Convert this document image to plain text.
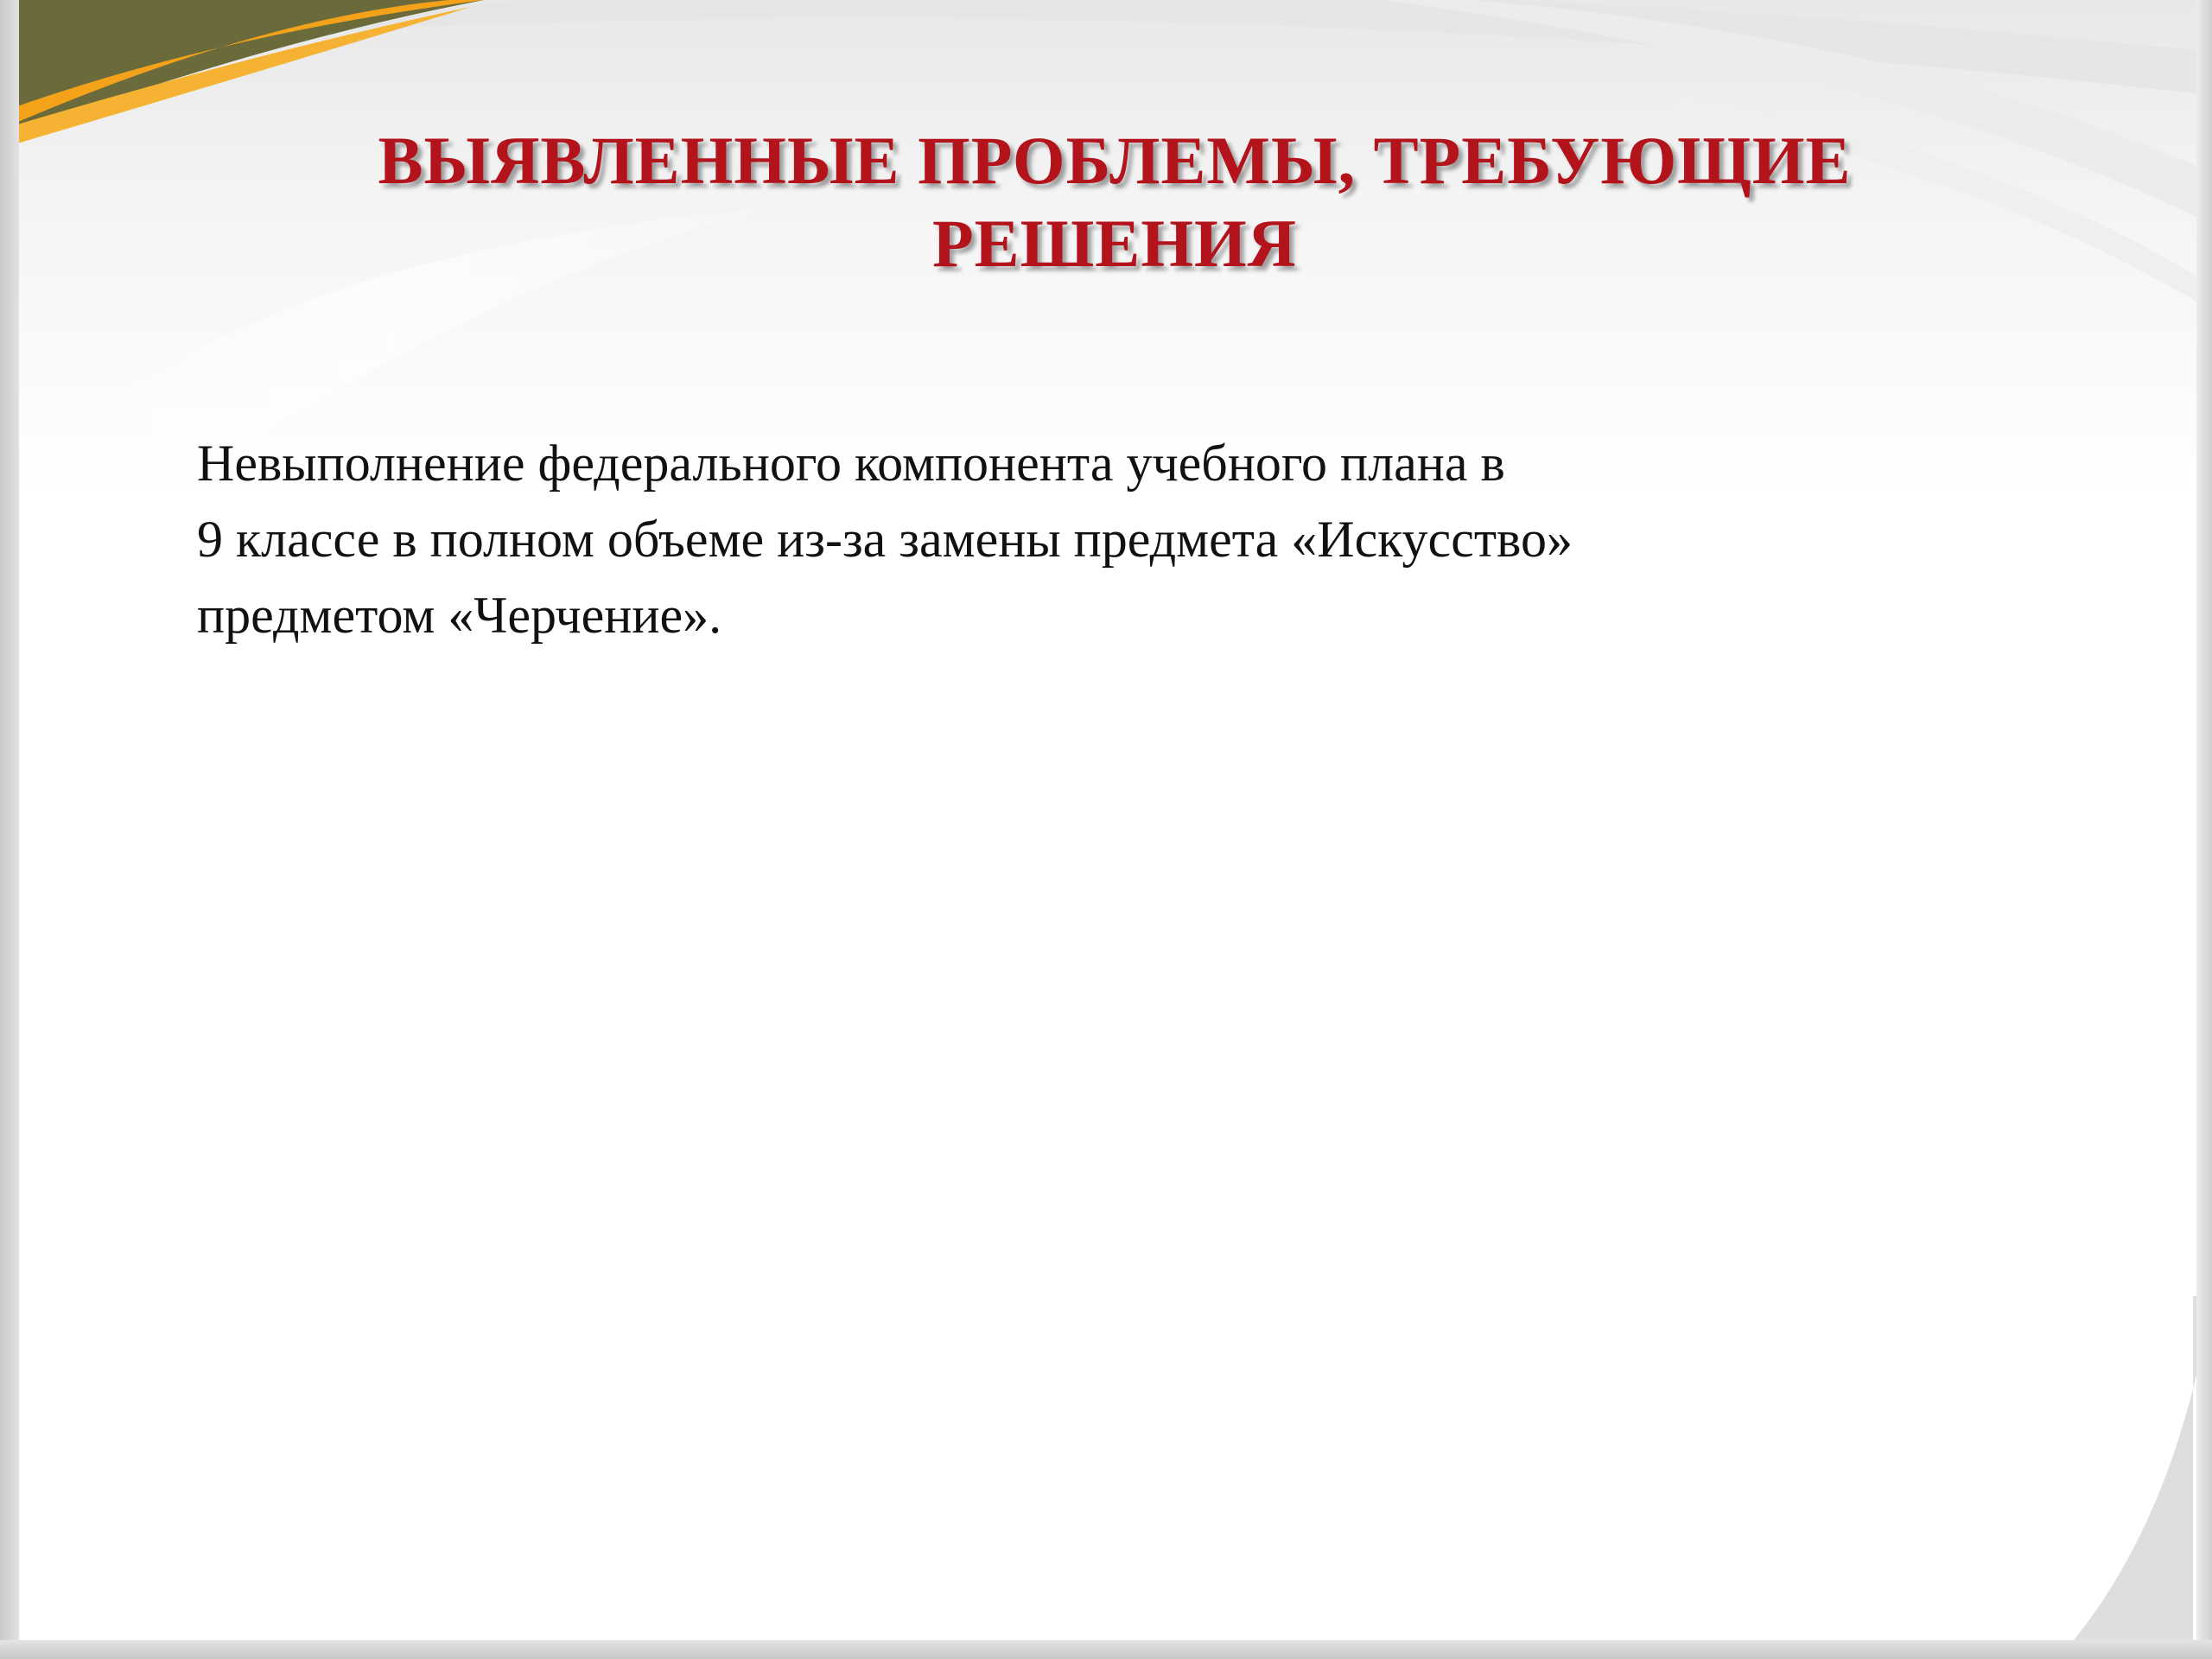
ВЫЯВЛЕННЫЕ ПРОБЛЕМЫ, ТРЕБУЮЩИЕ
РЕШЕНИЯ

Невыполнение федерального компонента учебного плана в
9 классе в полном объеме из-за замены предмета «Искусство»
предметом «Черчение».
